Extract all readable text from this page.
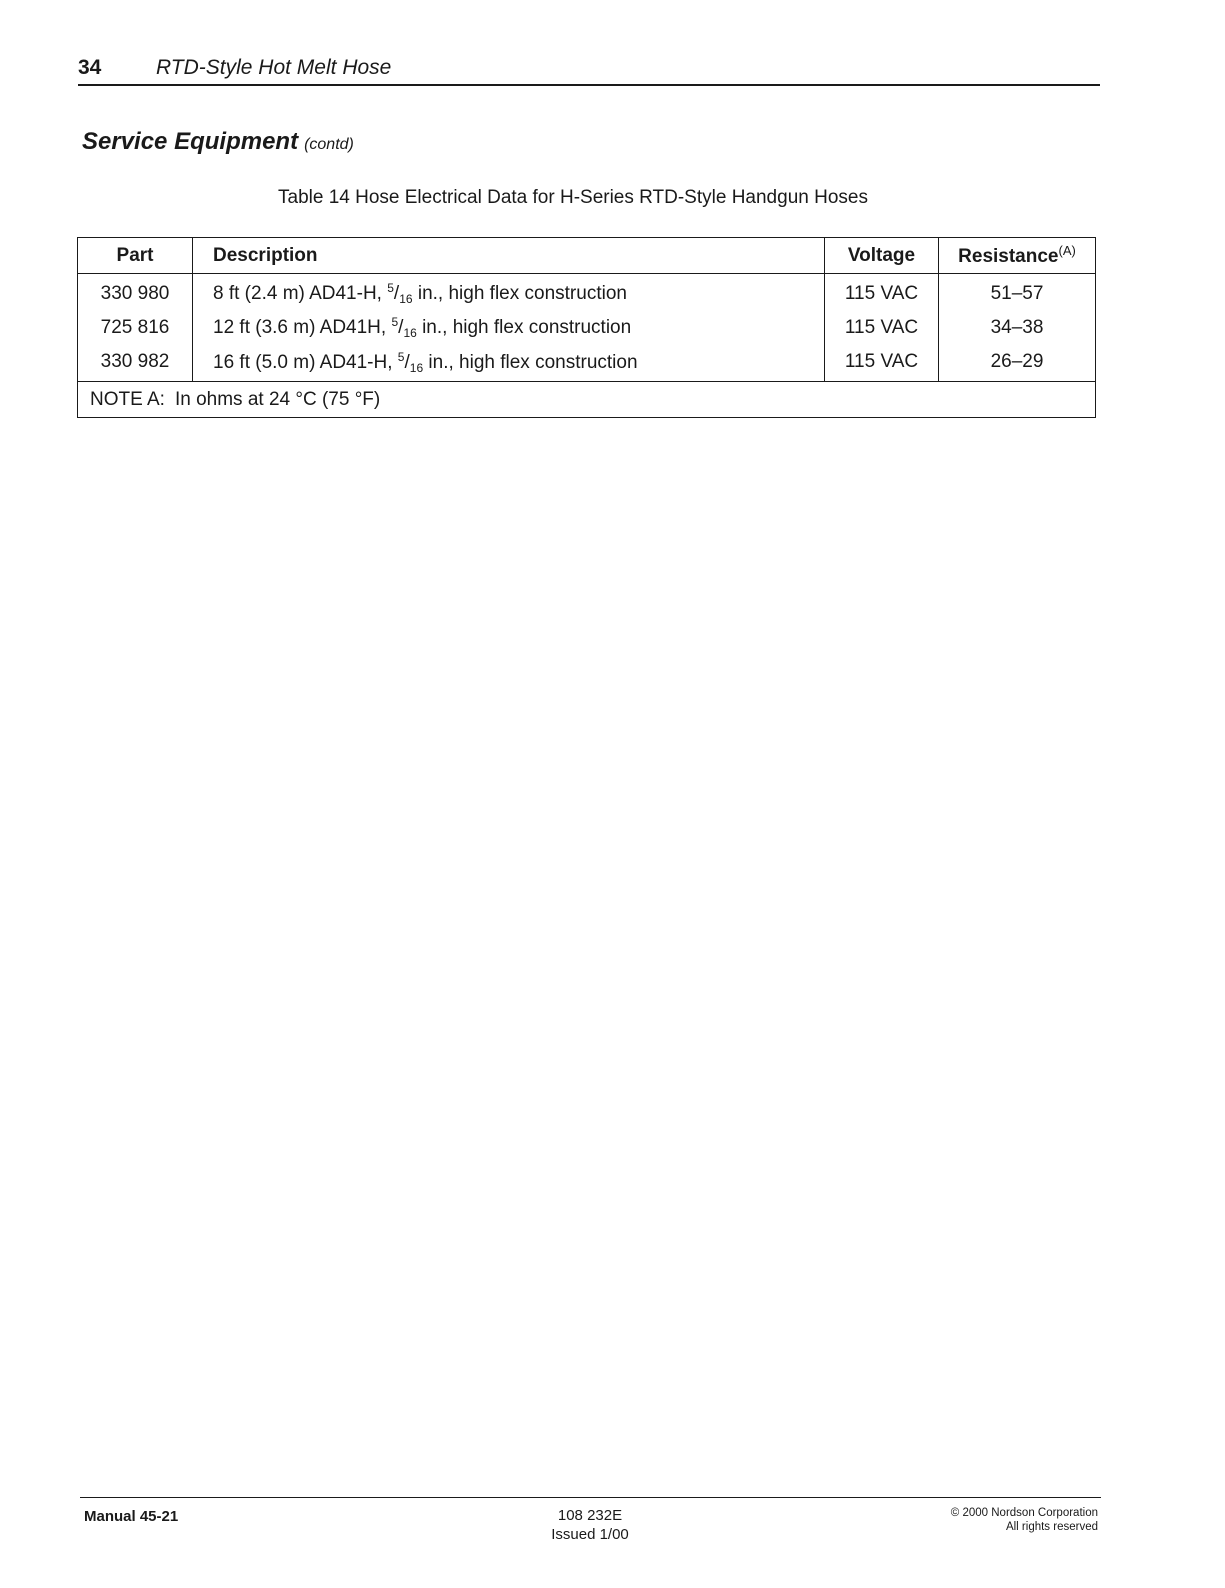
34	RTD-Style Hot Melt Hose
Service Equipment (contd)
Table 14 Hose Electrical Data for H-Series RTD-Style Handgun Hoses
Part	Description	Voltage	Resistance$^{(A)}$
330 980	8 ft (2.4 m) AD41-H, $^5/_{16}$ in., high flex construction	115 VAC	51–57
725 816	12 ft (3.6 m) AD41H, $^5/_{16}$ in., high flex construction	115 VAC	34–38
330 982	16 ft (5.0 m) AD41-H, $^5/_{16}$ in., high flex construction	115 VAC	26–29
NOTE A: In ohms at 24 °C (75 °F)			
Manual 45-21	108 232E
Issued 1/00
© 2000 Nordson Corporation
All rights reserved
